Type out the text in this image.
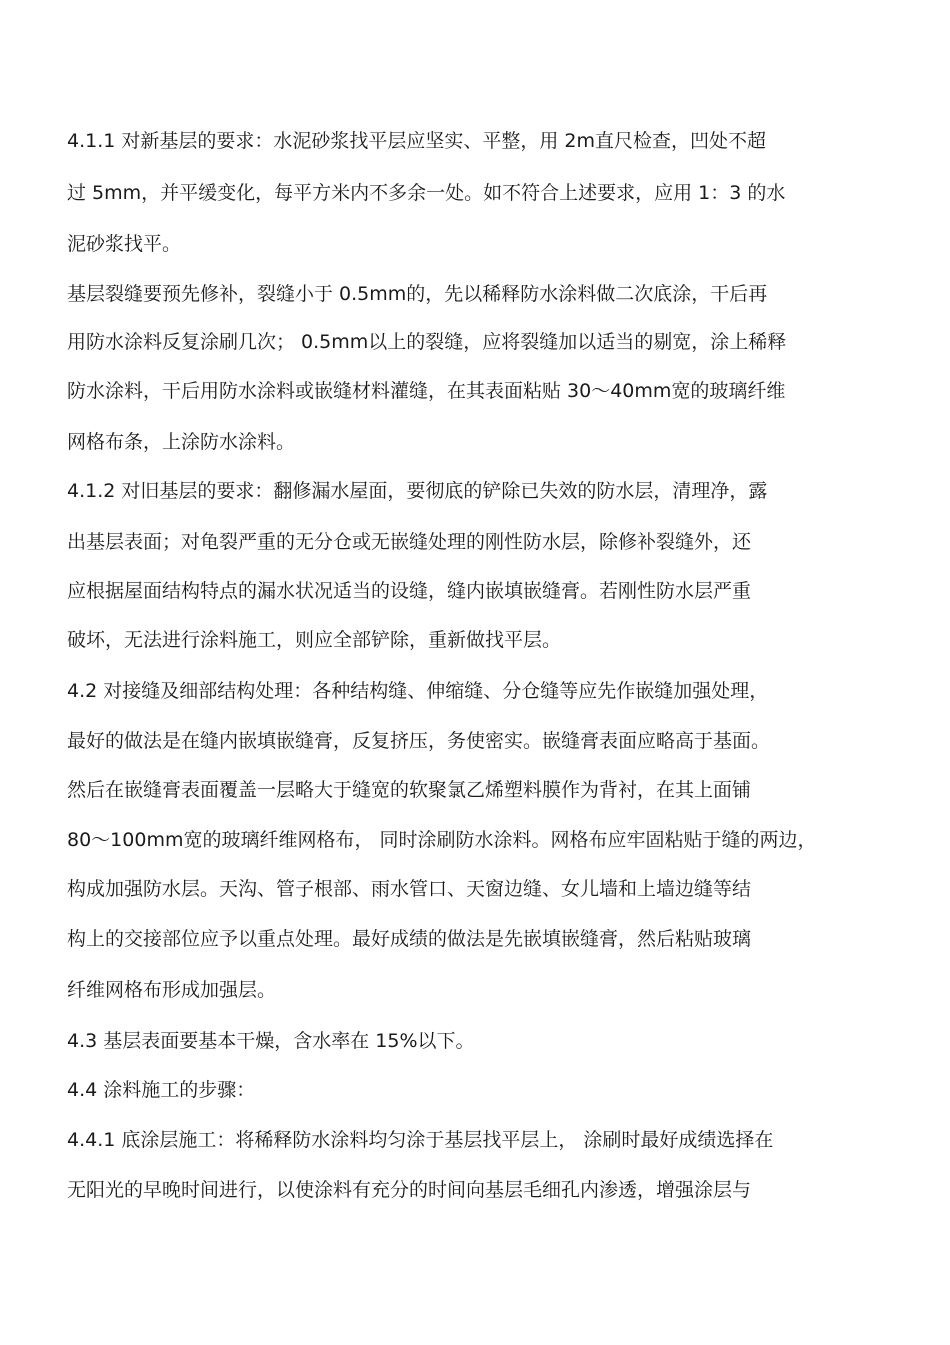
4.1.1 对新基层的要求：水泥砂浆找平层应坚实、平整，用 2m直尺检查，凹处不超
过 5mm，并平缓变化，每平方米内不多余一处。如不符合上述要求，应用 1：3 的水
泥砂浆找平。
基层裂缝要预先修补，裂缝小于 0.5mm的，先以稀释防水涂料做二次底涂，干后再
用防水涂料反复涂刷几次； 0.5mm以上的裂缝，应将裂缝加以适当的剔宽，涂上稀释
防水涂料，干后用防水涂料或嵌缝材料灌缝，在其表面粘贴 30～40mm宽的玻璃纤维
网格布条，上涂防水涂料。
4.1.2 对旧基层的要求：翻修漏水屋面，要彻底的铲除已失效的防水层，清理净，露
出基层表面；对龟裂严重的无分仓或无嵌缝处理的刚性防水层，除修补裂缝外，还
应根据屋面结构特点的漏水状况适当的设缝，缝内嵌填嵌缝膏。若刚性防水层严重
破坏，无法进行涂料施工，则应全部铲除，重新做找平层。
4.2 对接缝及细部结构处理：各种结构缝、伸缩缝、分仓缝等应先作嵌缝加强处理，
最好的做法是在缝内嵌填嵌缝膏，反复挤压，务使密实。嵌缝膏表面应略高于基面。
然后在嵌缝膏表面覆盖一层略大于缝宽的软聚氯乙烯塑料膜作为背衬，在其上面铺
80～100mm宽的玻璃纤维网格布， 同时涂刷防水涂料。网格布应牢固粘贴于缝的两边，
构成加强防水层。天沟、管子根部、雨水管口、天窗边缝、女儿墙和上墙边缝等结
构上的交接部位应予以重点处理。最好成绩的做法是先嵌填嵌缝膏，然后粘贴玻璃
纤维网格布形成加强层。
4.3 基层表面要基本干燥，含水率在 15%以下。
4.4 涂料施工的步骤：
4.4.1 底涂层施工：将稀释防水涂料均匀涂于基层找平层上， 涂刷时最好成绩选择在
无阳光的早晚时间进行，以使涂料有充分的时间向基层毛细孔内渗透，增强涂层与
